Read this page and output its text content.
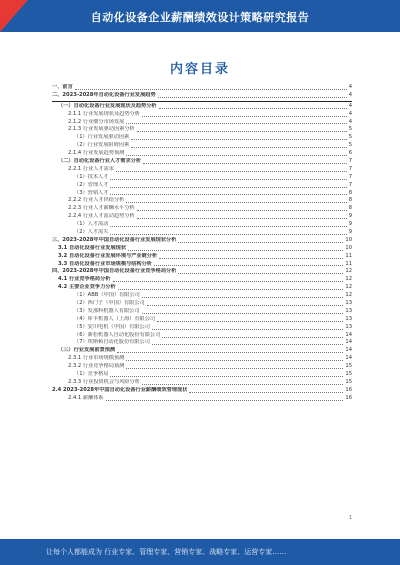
自动化设备企业薪酬绩效设计策略研究报告
内容目录
一、前言	4
二、2023-2028年自动化设备行业发展趋势	4
（一）自动化设备行业发展现状及趋势分析	4
2.1.1 行业发展现状及趋势分析	4
2.1.2 行业细分市场发展	4
2.1.3 行业发展驱动因素分析	5
（1）行业发展驱动因素	5
（2）行业发展阻碍因素	5
2.1.4 行业发展趋势预测	6
（二）自动化设备行业人才需求分析	7
2.2.1 行业人才需求	7
（1）技术人才	7
（2）管理人才	7
（3）营销人才	8
2.2.2 行业人才供给分析	8
2.2.3 行业人才薪酬水平分析	8
2.2.4 行业人才流动趋势分析	9
（1）人才流动	9
（2）人才流失	9
三、2023-2028年中国自动化设备行业发展现状分析	10
3.1 自动化设备行业发展现状	10
3.2 自动化设备行业发展环境与产业链分析	11
3.3 自动化设备行业市场规模与结构分析	11
四、2023-2028年中国自动化设备行业竞争格局分析	12
4.1 行业竞争格局分析	12
4.2 主要企业竞争力分析	12
（1）ABB（中国）有限公司	12
（2）西门子（中国）有限公司	13
（3）发那科机器人有限公司	13
（4）库卡机器人（上海）有限公司	13
（5）安川电机（中国）有限公司	13
（6）新松机器人自动化股份有限公司	14
（7）埃斯顿自动化股份有限公司	14
（三）行业发展前景预测	14
2.3.1 行业市场规模预测	14
2.3.2 行业竞争格局预测	15
（1）竞争格局	15
2.3.3 行业投资机会与风险分析	15
2.4 2023-2028年中国自动化设备行业薪酬绩效管理现状	16
2.4.1 薪酬体系	16
1
让每个人都能成为 行业专家、管理专家、营销专家、战略专家、运营专家……
